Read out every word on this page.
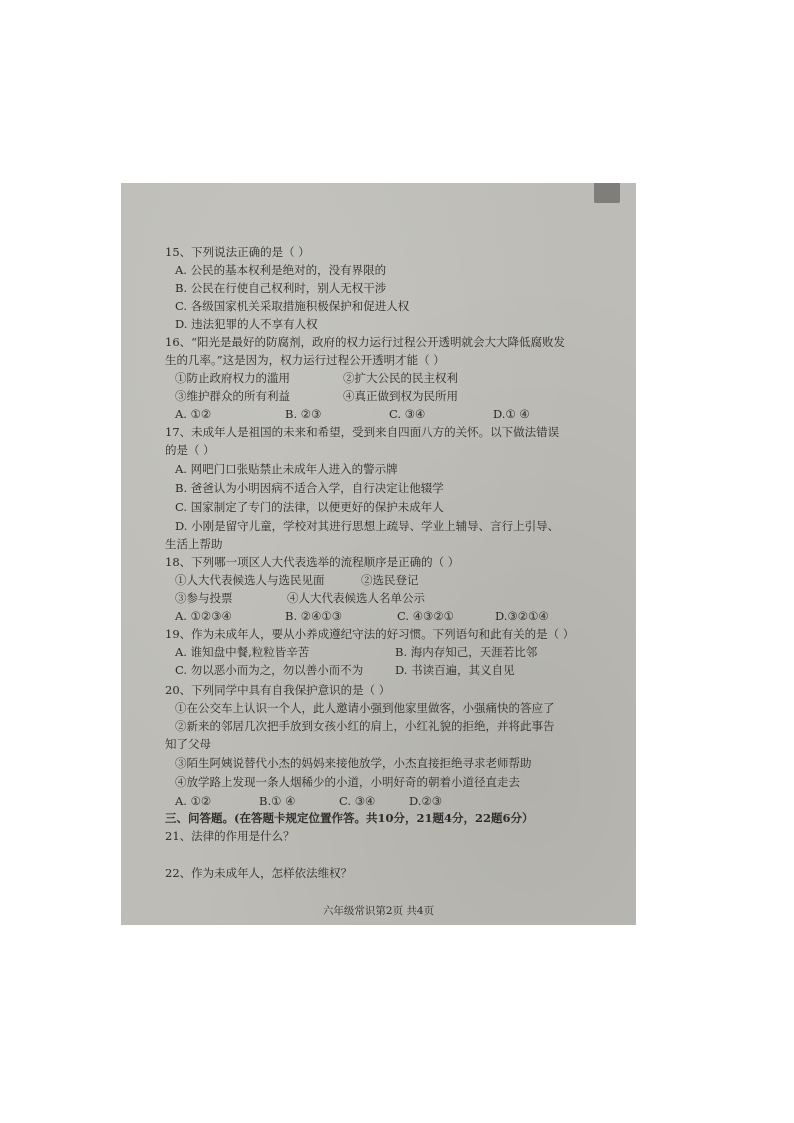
15、下列说法正确的是（ ）
A. 公民的基本权利是绝对的，没有界限的
B. 公民在行使自己权利时，别人无权干涉
C. 各级国家机关采取措施积极保护和促进人权
D. 违法犯罪的人不享有人权
16、“阳光是最好的防腐剂，政府的权力运行过程公开透明就会大大降低腐败发
生的几率。”这是因为，权力运行过程公开透明才能（ ）
①防止政府权力的滥用	②扩大公民的民主权利
③维护群众的所有利益	④真正做到权为民所用
A. ①②	B. ②③	C. ③④	D.① ④
17、未成年人是祖国的未来和希望，受到来自四面八方的关怀。以下做法错误
的是（ ）
A. 网吧门口张贴禁止未成年人进入的警示牌
B. 爸爸认为小明因病不适合入学，自行决定让他辍学
C. 国家制定了专门的法律，以便更好的保护未成年人
D. 小刚是留守儿童，学校对其进行思想上疏导、学业上辅导、言行上引导、
生活上帮助
18、下列哪一项区人大代表选举的流程顺序是正确的（ ）
①人大代表候选人与选民见面	②选民登记
③参与投票	④人大代表候选人名单公示
A. ①②③④	B. ②④①③	C. ④③②①	D.③②①④
19、作为未成年人，要从小养成遵纪守法的好习惯。下列语句和此有关的是（ ）
A. 谁知盘中餐,粒粒皆辛苦	B. 海内存知己，天涯若比邻
C. 勿以恶小而为之，勿以善小而不为	D. 书读百遍，其义自见
20、下列同学中具有自我保护意识的是（ ）
①在公交车上认识一个人，此人邀请小强到他家里做客，小强痛快的答应了
②新来的邻居几次把手放到女孩小红的肩上，小红礼貌的拒绝，并将此事告
知了父母
③陌生阿姨说替代小杰的妈妈来接他放学，小杰直接拒绝寻求老师帮助
④放学路上发现一条人烟稀少的小道，小明好奇的朝着小道径直走去
A. ①②	B.① ④	C. ③④	D.②③
三、问答题。(在答题卡规定位置作答。共10分，21题4分，22题6分）
21、法律的作用是什么？
22、作为未成年人，怎样依法维权？
六年级常识第2页 共4页
